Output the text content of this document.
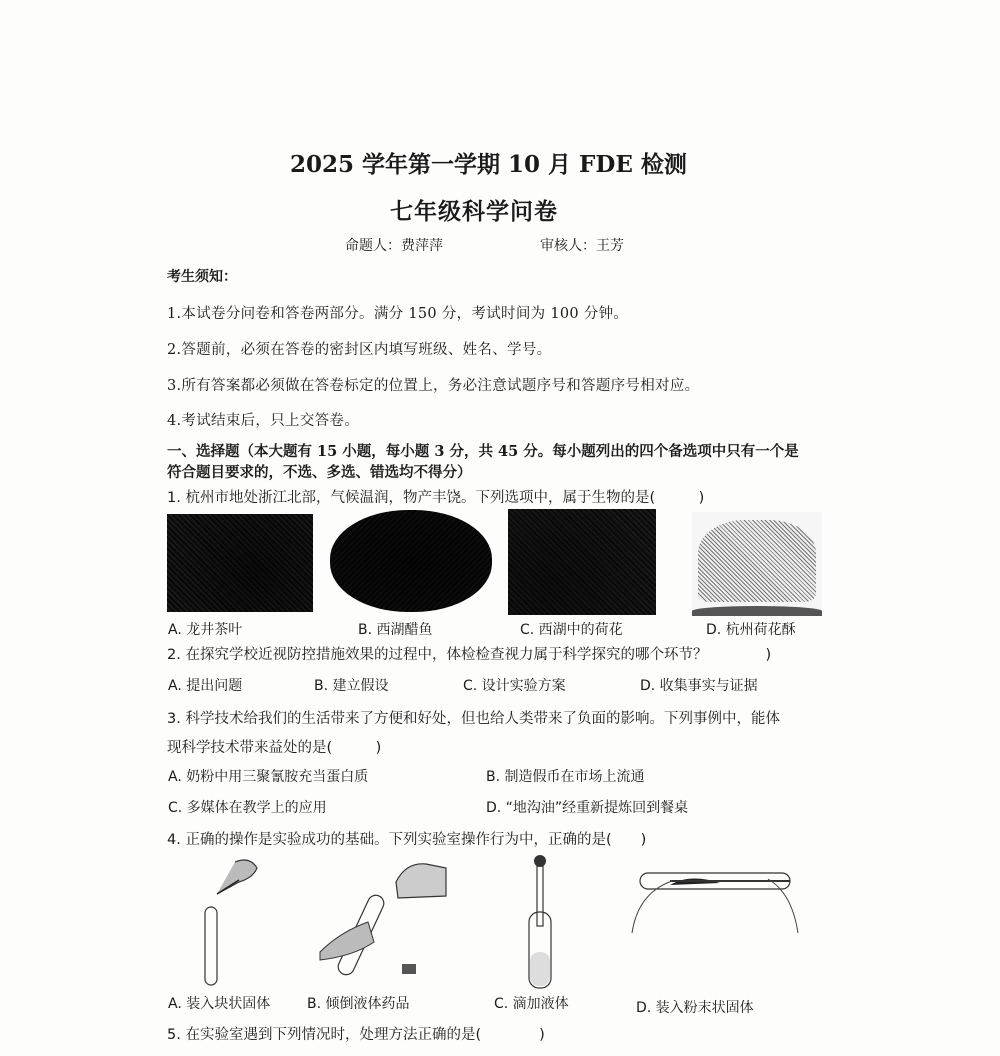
2025 学年第一学期 10 月 FDE 检测
七年级科学问卷
命题人：费萍萍	审核人：王芳
考生须知：
1.本试卷分问卷和答卷两部分。满分 150 分，考试时间为 100 分钟。
2.答题前，必须在答卷的密封区内填写班级、姓名、学号。
3.所有答案都必须做在答卷标定的位置上，务必注意试题序号和答题序号相对应。
4.考试结束后，只上交答卷。
一、选择题（本大题有 15 小题，每小题 3 分，共 45 分。每小题列出的四个备选项中只有一个是
符合题目要求的，不选、多选、错选均不得分）
1. 杭州市地处浙江北部，气候温润，物产丰饶。下列选项中，属于生物的是(　　　)
A. 龙井茶叶	B. 西湖醋鱼	C. 西湖中的荷花	D. 杭州荷花酥
2. 在探究学校近视防控措施效果的过程中，体检检查视力属于科学探究的哪个环节？　　　　)
A. 提出问题	B. 建立假设	C. 设计实验方案	D. 收集事实与证据
3. 科学技术给我们的生活带来了方便和好处，但也给人类带来了负面的影响。下列事例中，能体
现科学技术带来益处的是(　　　)
A. 奶粉中用三聚氰胺充当蛋白质	B. 制造假币在市场上流通
C. 多媒体在教学上的应用	D. “地沟油”经重新提炼回到餐桌
4. 正确的操作是实验成功的基础。下列实验室操作行为中，正确的是(　　)
A. 装入块状固体	B. 倾倒液体药品	C. 滴加液体	D. 装入粉末状固体
5. 在实验室遇到下列情况时，处理方法正确的是(　　　　)
